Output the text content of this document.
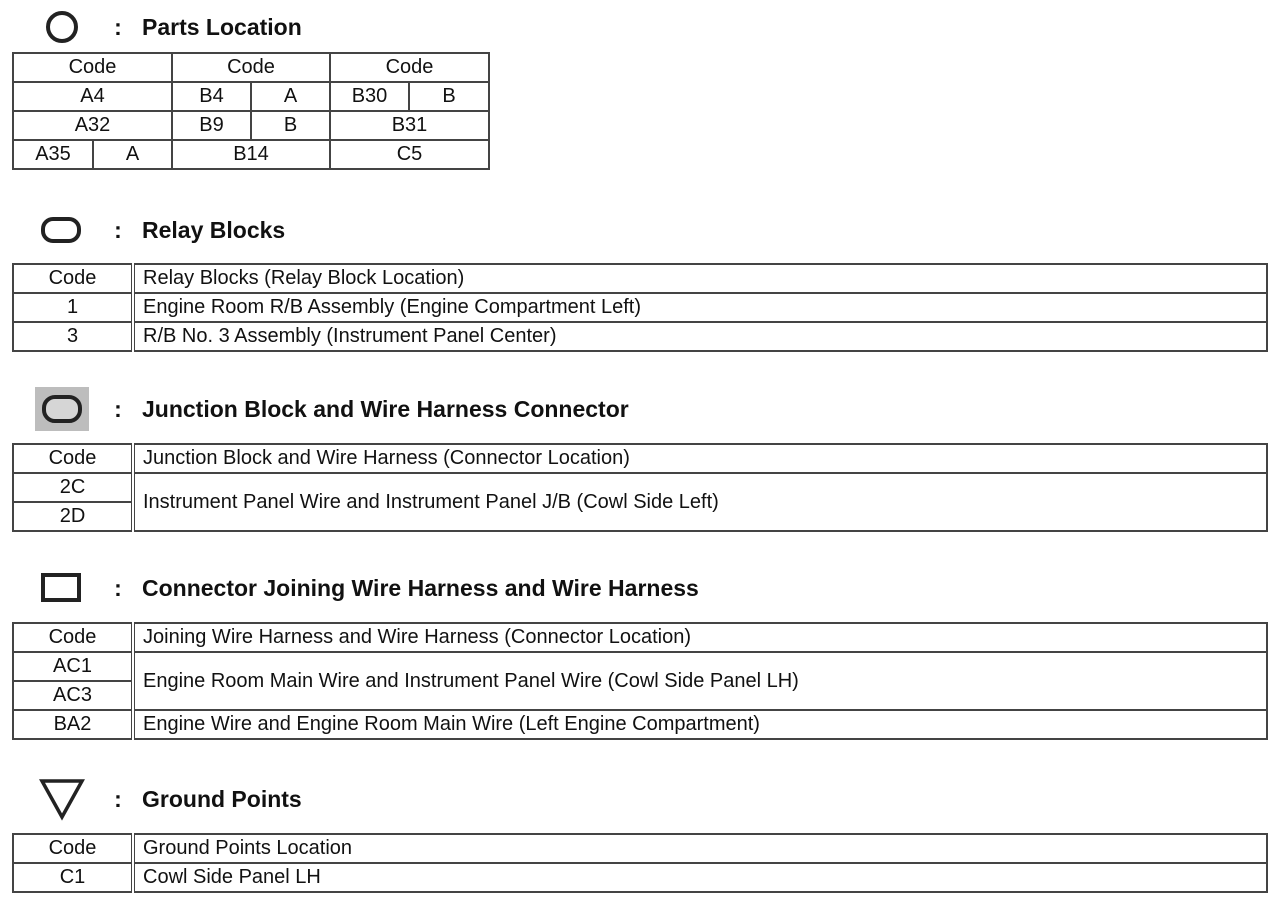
: Parts Location
Code		Code		Code	
A4		B4	A	B30	B
A32		B9	B	B31	
A35	A	B14		C5	
: Relay Blocks
Code	Relay Blocks (Relay Block Location)
1	Engine Room R/B Assembly (Engine Compartment Left)
3	R/B No. 3 Assembly (Instrument Panel Center)
: Junction Block and Wire Harness Connector
Code	Junction Block and Wire Harness (Connector Location)
2C	Instrument Panel Wire and Instrument Panel J/B (Cowl Side Left)
2D	
: Connector Joining Wire Harness and Wire Harness
Code	Joining Wire Harness and Wire Harness (Connector Location)
AC1	Engine Room Main Wire and Instrument Panel Wire (Cowl Side Panel LH)
AC3	
BA2	Engine Wire and Engine Room Main Wire (Left Engine Compartment)
: Ground Points
Code	Ground Points Location
C1	Cowl Side Panel LH
